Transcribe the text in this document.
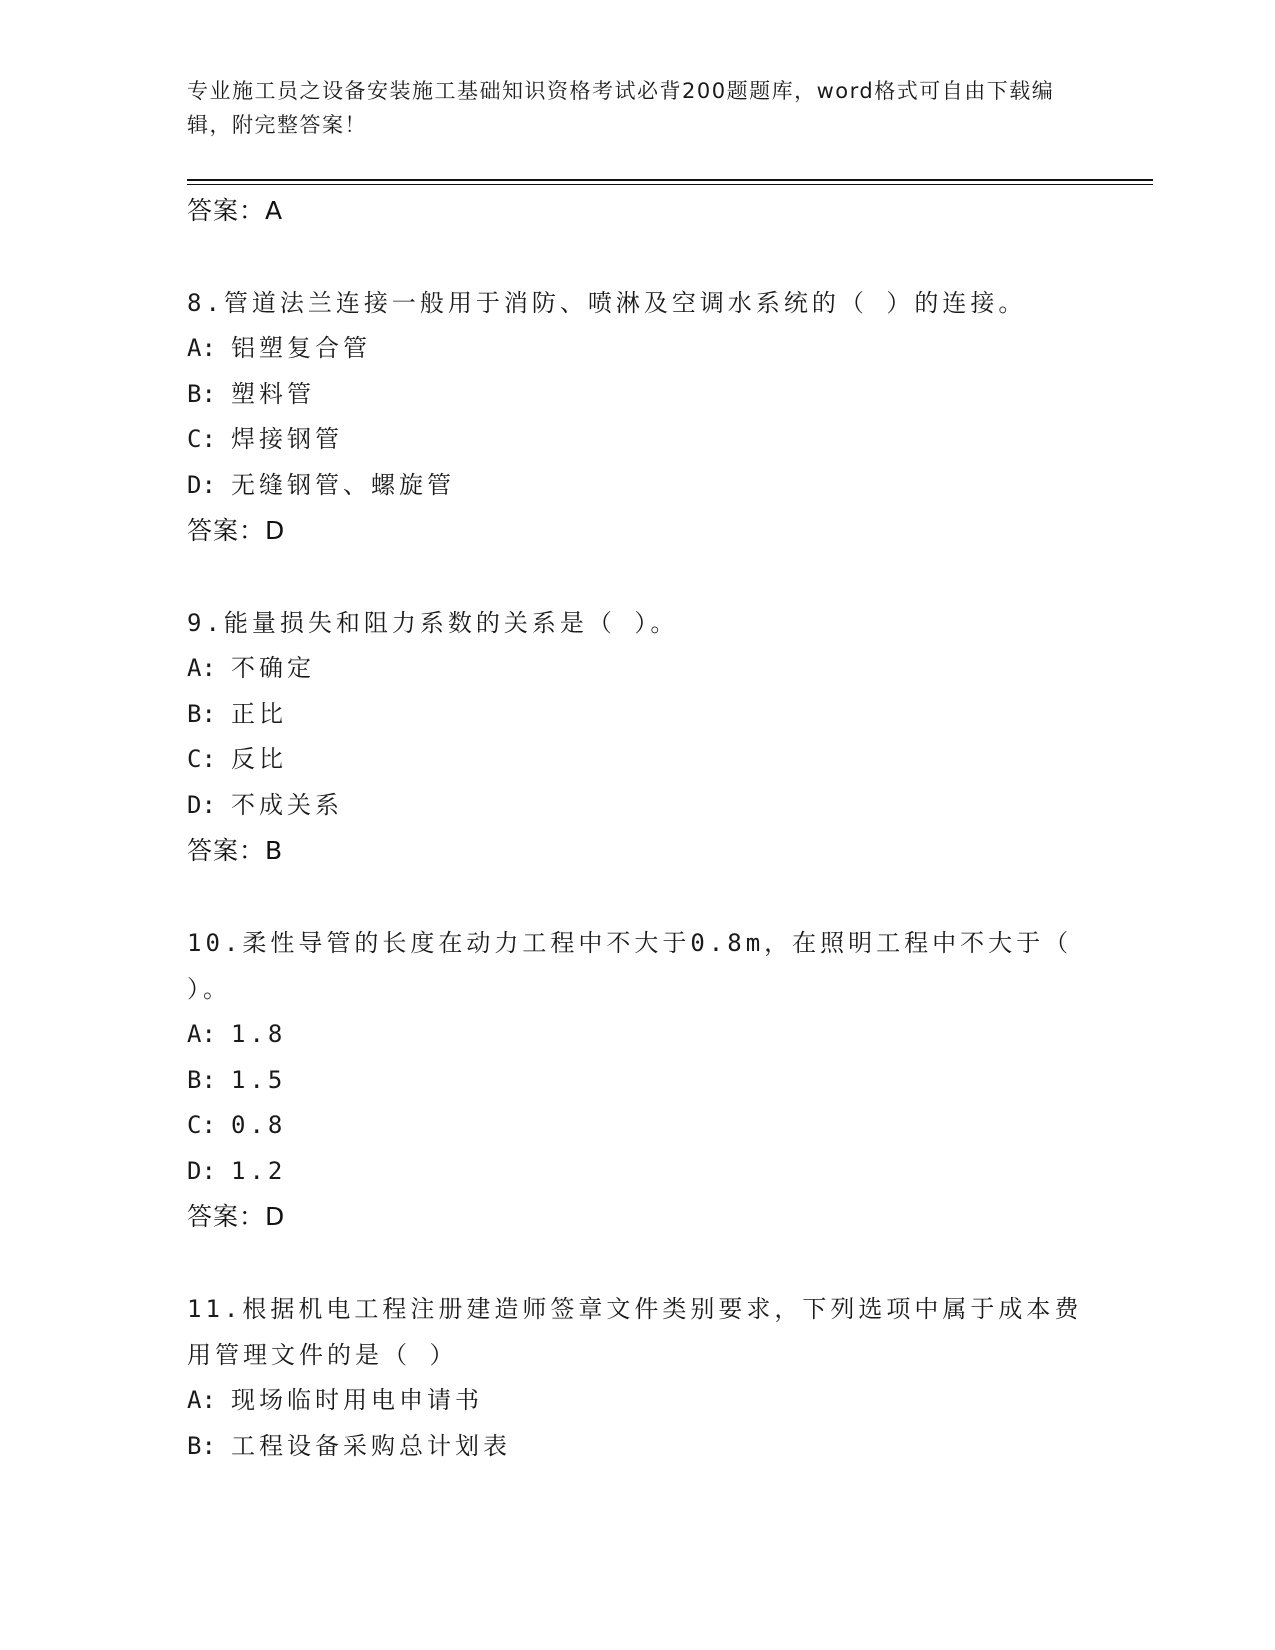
专业施工员之设备安装施工基础知识资格考试必背200题题库，word格式可自由下载编辑，附完整答案！
答案：A
8.管道法兰连接一般用于消防、喷淋及空调水系统的（ ）的连接。
A: 铝塑复合管
B: 塑料管
C: 焊接钢管
D: 无缝钢管、螺旋管
答案：D
9.能量损失和阻力系数的关系是（ ）。
A: 不确定
B: 正比
C: 反比
D: 不成关系
答案：B
10.柔性导管的长度在动力工程中不大于0.8m，在照明工程中不大于（ ）。
A: 1.8
B: 1.5
C: 0.8
D: 1.2
答案：D
11.根据机电工程注册建造师签章文件类别要求，下列选项中属于成本费用管理文件的是（ ）
A: 现场临时用电申请书
B: 工程设备采购总计划表
